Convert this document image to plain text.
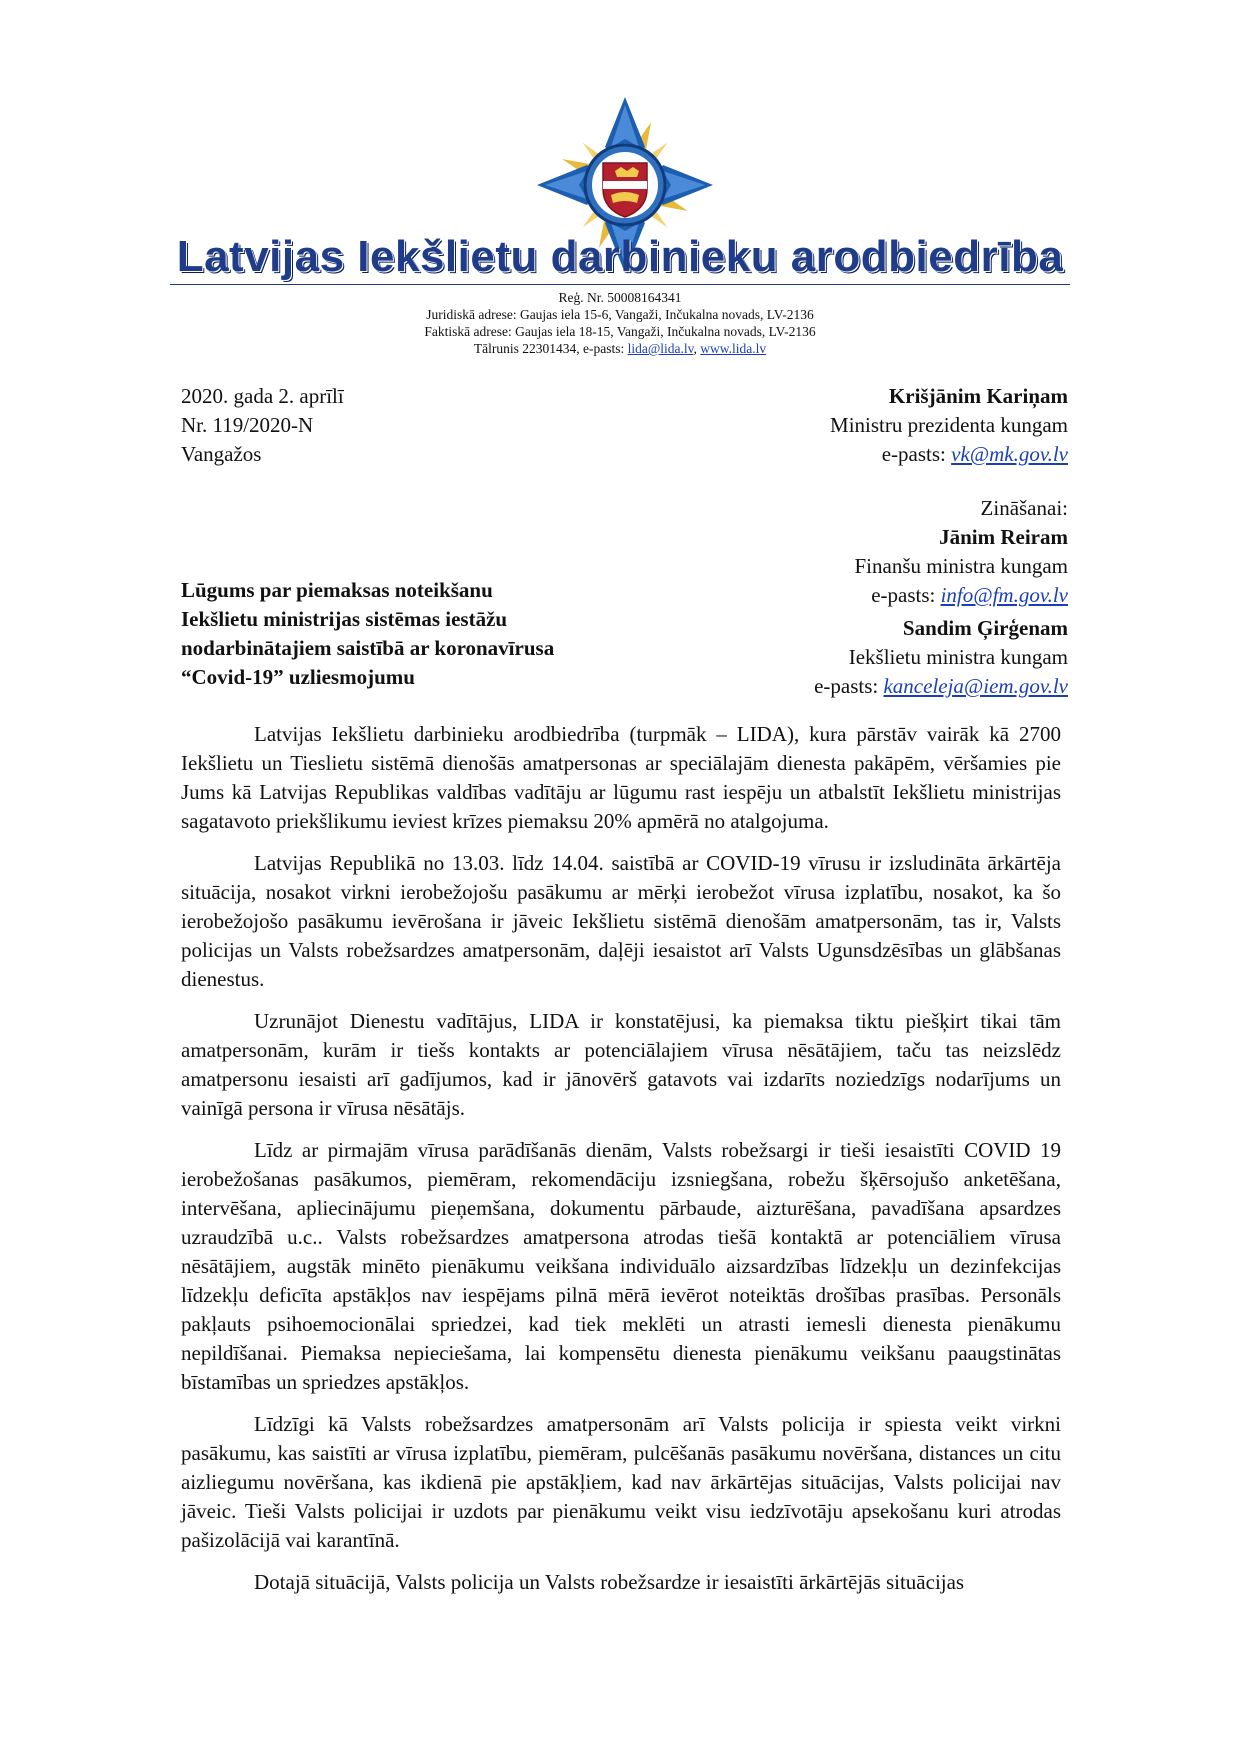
Latvijas Iekšlietu darbinieku arodbiedrība
Reģ. Nr. 50008164341
Juridiskā adrese: Gaujas iela 15-6, Vangaži, Inčukalna novads, LV-2136
Faktiskā adrese: Gaujas iela 18-15, Vangaži, Inčukalna novads, LV-2136
Tālrunis 22301434, e-pasts: lida@lida.lv, www.lida.lv
2020. gada 2. aprīlī
Nr. 119/2020-N
Vangažos
Krišjānim Kariņam
Ministru prezidenta kungam
e-pasts: vk@mk.gov.lv
Zināšanai:
Jānim Reiram
Finanšu ministra kungam
e-pasts: info@fm.gov.lv
Sandim Ģirģenam
Iekšlietu ministra kungam
e-pasts: kanceleja@iem.gov.lv
Lūgums par piemaksas noteikšanu
Iekšlietu ministrijas sistēmas iestāžu
nodarbinātajiem saistībā ar koronavīrusa
“Covid-19” uzliesmojumu

Latvijas Iekšlietu darbinieku arodbiedrība (turpmāk – LIDA), kura pārstāv vairāk kā 2700 Iekšlietu un Tieslietu sistēmā dienošās amatpersonas ar speciālajām dienesta pakāpēm, vēršamies pie Jums kā Latvijas Republikas valdības vadītāju ar lūgumu rast iespēju un atbalstīt Iekšlietu ministrijas sagatavoto priekšlikumu ieviest krīzes piemaksu 20% apmērā no atalgojuma.

Latvijas Republikā no 13.03. līdz 14.04. saistībā ar COVID-19 vīrusu ir izsludināta ārkārtēja situācija, nosakot virkni ierobežojošu pasākumu ar mērķi ierobežot vīrusa izplatību, nosakot, ka šo ierobežojošo pasākumu ievērošana ir jāveic Iekšlietu sistēmā dienošām amatpersonām, tas ir, Valsts policijas un Valsts robežsardzes amatpersonām, daļēji iesaistot arī Valsts Ugunsdzēsības un glābšanas dienestus.

Uzrunājot Dienestu vadītājus, LIDA ir konstatējusi, ka piemaksa tiktu piešķirt tikai tām amatpersonām, kurām ir tiešs kontakts ar potenciālajiem vīrusa nēsātājiem, taču tas neizslēdz amatpersonu iesaisti arī gadījumos, kad ir jānovērš gatavots vai izdarīts noziedzīgs nodarījums un vainīgā persona ir vīrusa nēsātājs.

Līdz ar pirmajām vīrusa parādīšanās dienām, Valsts robežsargi ir tieši iesaistīti COVID 19 ierobežošanas pasākumos, piemēram, rekomendāciju izsniegšana, robežu šķērsojušo anketēšana, intervēšana, apliecinājumu pieņemšana, dokumentu pārbaude, aizturēšana, pavadīšana apsardzes uzraudzībā u.c.. Valsts robežsardzes amatpersona atrodas tiešā kontaktā ar potenciāliem vīrusa nēsātājiem, augstāk minēto pienākumu veikšana individuālo aizsardzības līdzekļu un dezinfekcijas līdzekļu deficīta apstākļos nav iespējams pilnā mērā ievērot noteiktās drošības prasības. Personāls pakļauts psihoemocionālai spriedzei, kad tiek meklēti un atrasti iemesli dienesta pienākumu nepildīšanai. Piemaksa nepieciešama, lai kompensētu dienesta pienākumu veikšanu paaugstinātas bīstamības un spriedzes apstākļos.

Līdzīgi kā Valsts robežsardzes amatpersonām arī Valsts policija ir spiesta veikt virkni pasākumu, kas saistīti ar vīrusa izplatību, piemēram, pulcēšanās pasākumu novēršana, distances un citu aizliegumu novēršana, kas ikdienā pie apstākļiem, kad nav ārkārtējas situācijas, Valsts policijai nav jāveic. Tieši Valsts policijai ir uzdots par pienākumu veikt visu iedzīvotāju apsekošanu kuri atrodas pašizolācijā vai karantīnā.

Dotajā situācijā, Valsts policija un Valsts robežsardze ir iesaistīti ārkārtējās situācijas
